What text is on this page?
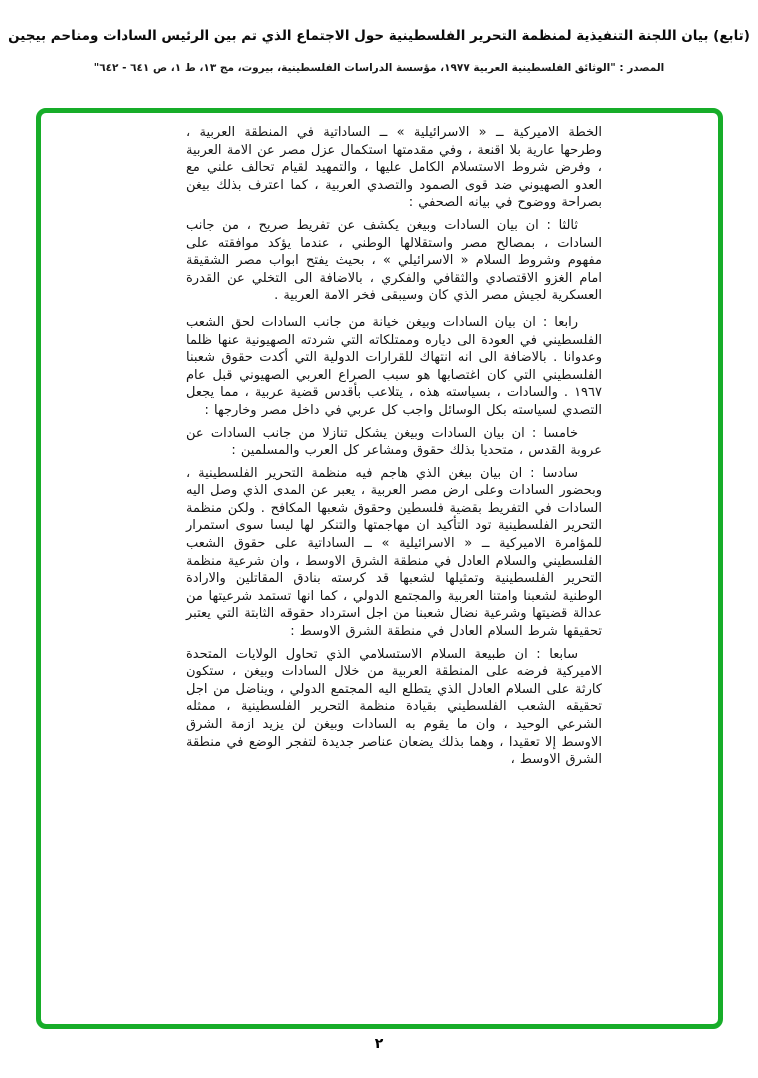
(تابع) بيان اللجنة التنفيذية لمنظمة التحرير الفلسطينية حول الاجتماع الذي تم بين الرئيس السادات ومناحم بيجين
المصدر : "الوثائق الفلسطينية العربية ١٩٧٧، مؤسسة الدراسات الفلسطينية، بيروت، مج ١٣، ط ١، ص ٦٤١ - ٦٤٢"

الخطة الاميركية ــ « الاسرائيلية » ــ الساداتية في المنطقة العربية ، وطرحها عارية بلا اقنعة ، وفي مقدمتها استكمال عزل مصر عن الامة العربية ، وفرض شروط الاستسلام الكامل عليها ، والتمهيد لقيام تحالف علني مع العدو الصهيوني ضد قوى الصمود والتصدي العربية ، كما اعترف بذلك بيغن بصراحة ووضوح في بيانه الصحفي :

ثالثا : ان بيان السادات وبيغن يكشف عن تفريط صريح ، من جانب السادات ، بمصالح مصر واستقلالها الوطني ، عندما يؤكد موافقته على مفهوم وشروط السلام « الاسرائيلي » ، بحيث يفتح ابواب مصر الشقيقة امام الغزو الاقتصادي والثقافي والفكري ، بالاضافة الى التخلي عن القدرة العسكرية لجيش مصر الذي كان وسيبقى فخر الامة العربية .

رابعا : ان بيان السادات وبيغن خيانة من جانب السادات لحق الشعب الفلسطيني في العودة الى دياره وممتلكاته التي شردته الصهيونية عنها ظلما وعدوانا . بالاضافة الى انه انتهاك للقرارات الدولية التي أكدت حقوق شعبنا الفلسطيني التي كان اغتصابها هو سبب الصراع العربي الصهيوني قبل عام ١٩٦٧ . والسادات ، بسياسته هذه ، يتلاعب بأقدس قضية عربية ، مما يجعل التصدي لسياسته بكل الوسائل واجب كل عربي في داخل مصر وخارجها :

خامسا : ان بيان السادات وبيغن يشكل تنازلا من جانب السادات عن عروبة القدس ، متحديا بذلك حقوق ومشاعر كل العرب والمسلمين :

سادسا : ان بيان بيغن الذي هاجم فيه منظمة التحرير الفلسطينية ، وبحضور السادات وعلى ارض مصر العربية ، يعبر عن المدى الذي وصل اليه السادات في التفريط بقضية فلسطين وحقوق شعبها المكافح . ولكن منظمة التحرير الفلسطينية تود التأكيد ان مهاجمتها والتنكر لها ليسا سوى استمرار للمؤامرة الاميركية ــ « الاسرائيلية » ــ الساداتية على حقوق الشعب الفلسطيني والسلام العادل في منطقة الشرق الاوسط ، وان شرعية منظمة التحرير الفلسطينية وتمثيلها لشعبها قد كرسته بنادق المقاتلين والارادة الوطنية لشعبنا وامتنا العربية والمجتمع الدولي ، كما انها تستمد شرعيتها من عدالة قضيتها وشرعية نضال شعبنا من اجل استرداد حقوقه الثابتة التي يعتبر تحقيقها شرط السلام العادل في منطقة الشرق الاوسط :

سابعا : ان طبيعة السلام الاستسلامي الذي تحاول الولايات المتحدة الاميركية فرضه على المنطقة العربية من خلال السادات وبيغن ، ستكون كارثة على السلام العادل الذي يتطلع اليه المجتمع الدولي ، ويناضل من اجل تحقيقه الشعب الفلسطيني بقيادة منظمة التحرير الفلسطينية ، ممثله الشرعي الوحيد ، وان ما يقوم به السادات وبيغن لن يزيد ازمة الشرق الاوسط إلا تعقيدا ، وهما بذلك يضعان عناصر جديدة لتفجر الوضع في منطقة الشرق الاوسط ،

٢
